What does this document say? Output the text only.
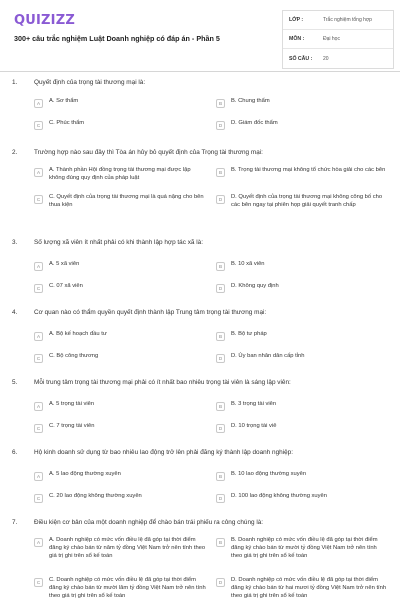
QUIZIZZ
300+ câu trắc nghiệm Luật Doanh nghiệp có đáp án - Phần 5
LỚP :	Trắc nghiệm tổng hợp
MÔN :	Đại học
SỐ CÂU :	20
1.	Quyết định của trọng tài thương mại là:
A	A. Sơ thẩm	B	B. Chung thẩm
C	C. Phúc thẩm	D	D. Giám đốc thẩm
2.	Trường hợp nào sau đây thì Tòa án hủy bỏ quyết định của Trọng tài thương mại:
A	A. Thành phần Hội đồng trọng tài thương mại được lập không đúng quy định của pháp luật
B	B. Trọng tài thương mại không tổ chức hòa giải cho các bên
C	C. Quyết định của trọng tài thương mại là quá nặng cho bên thua kiện
D	D. Quyết định của trọng tài thương mại không công bố cho các bên ngay tại phiên họp giải quyết tranh chấp
3.	Số lượng xã viên ít nhất phải có khi thành lập hợp tác xã là:
A	A. 5 xã viên	B	B. 10 xã viên
C	C. 07 xã viên	D	D. Không quy định
4.	Cơ quan nào có thẩm quyền quyết định thành lập Trung tâm trọng tài thương mại:
A	A. Bộ kế hoạch đầu tư	B	B. Bộ tư pháp
C	C. Bộ công thương	D	D. Ủy ban nhân dân cấp tỉnh
5.	Mỗi trung tâm trọng tài thương mại phải có ít nhất bao nhiêu trọng tài viên là sáng lập viên:
A	A. 5 trọng tài viên	B	B. 3 trọng tài viên
C	C. 7 trọng tài viên	D	D. 10 trọng tài viê
6.	Hộ kinh doanh sử dụng từ bao nhiêu lao động trở lên phải đăng ký thành lập doanh nghiệp:
A	A. 5 lao động thường xuyên	B	B. 10 lao động thường xuyên
C	C. 20 lao động không thường xuyên	D	D. 100 lao động không thường xuyên
7.	Điều kiện cơ bản của một doanh nghiệp để chào bán trái phiếu ra công chúng là:
A	A. Doanh nghiệp có mức vốn điều lệ đã góp tại thời điểm đăng ký chào bán từ năm tỷ đồng Việt Nam trở nên tính theo giá trị ghi trên sổ kế toán
B	B. Doanh nghiệp có mức vốn điều lệ đã góp tại thời điểm đăng ký chào bán từ mười tỷ đồng Việt Nam trở nên tính theo giá trị ghi trên sổ kế toán
C	C. Doanh nghiệp có mức vốn điều lệ đã góp tại thời điểm đăng ký chào bán từ mười lăm tỷ đồng Việt Nam trở nên tính theo giá trị ghi trên sổ kế toán
D	D. Doanh nghiệp có mức vốn điều lệ đã góp tại thời điểm đăng ký chào bán từ hai mươi tỷ đồng Việt Nam trở nên tính theo giá trị ghi trên sổ kế toán
